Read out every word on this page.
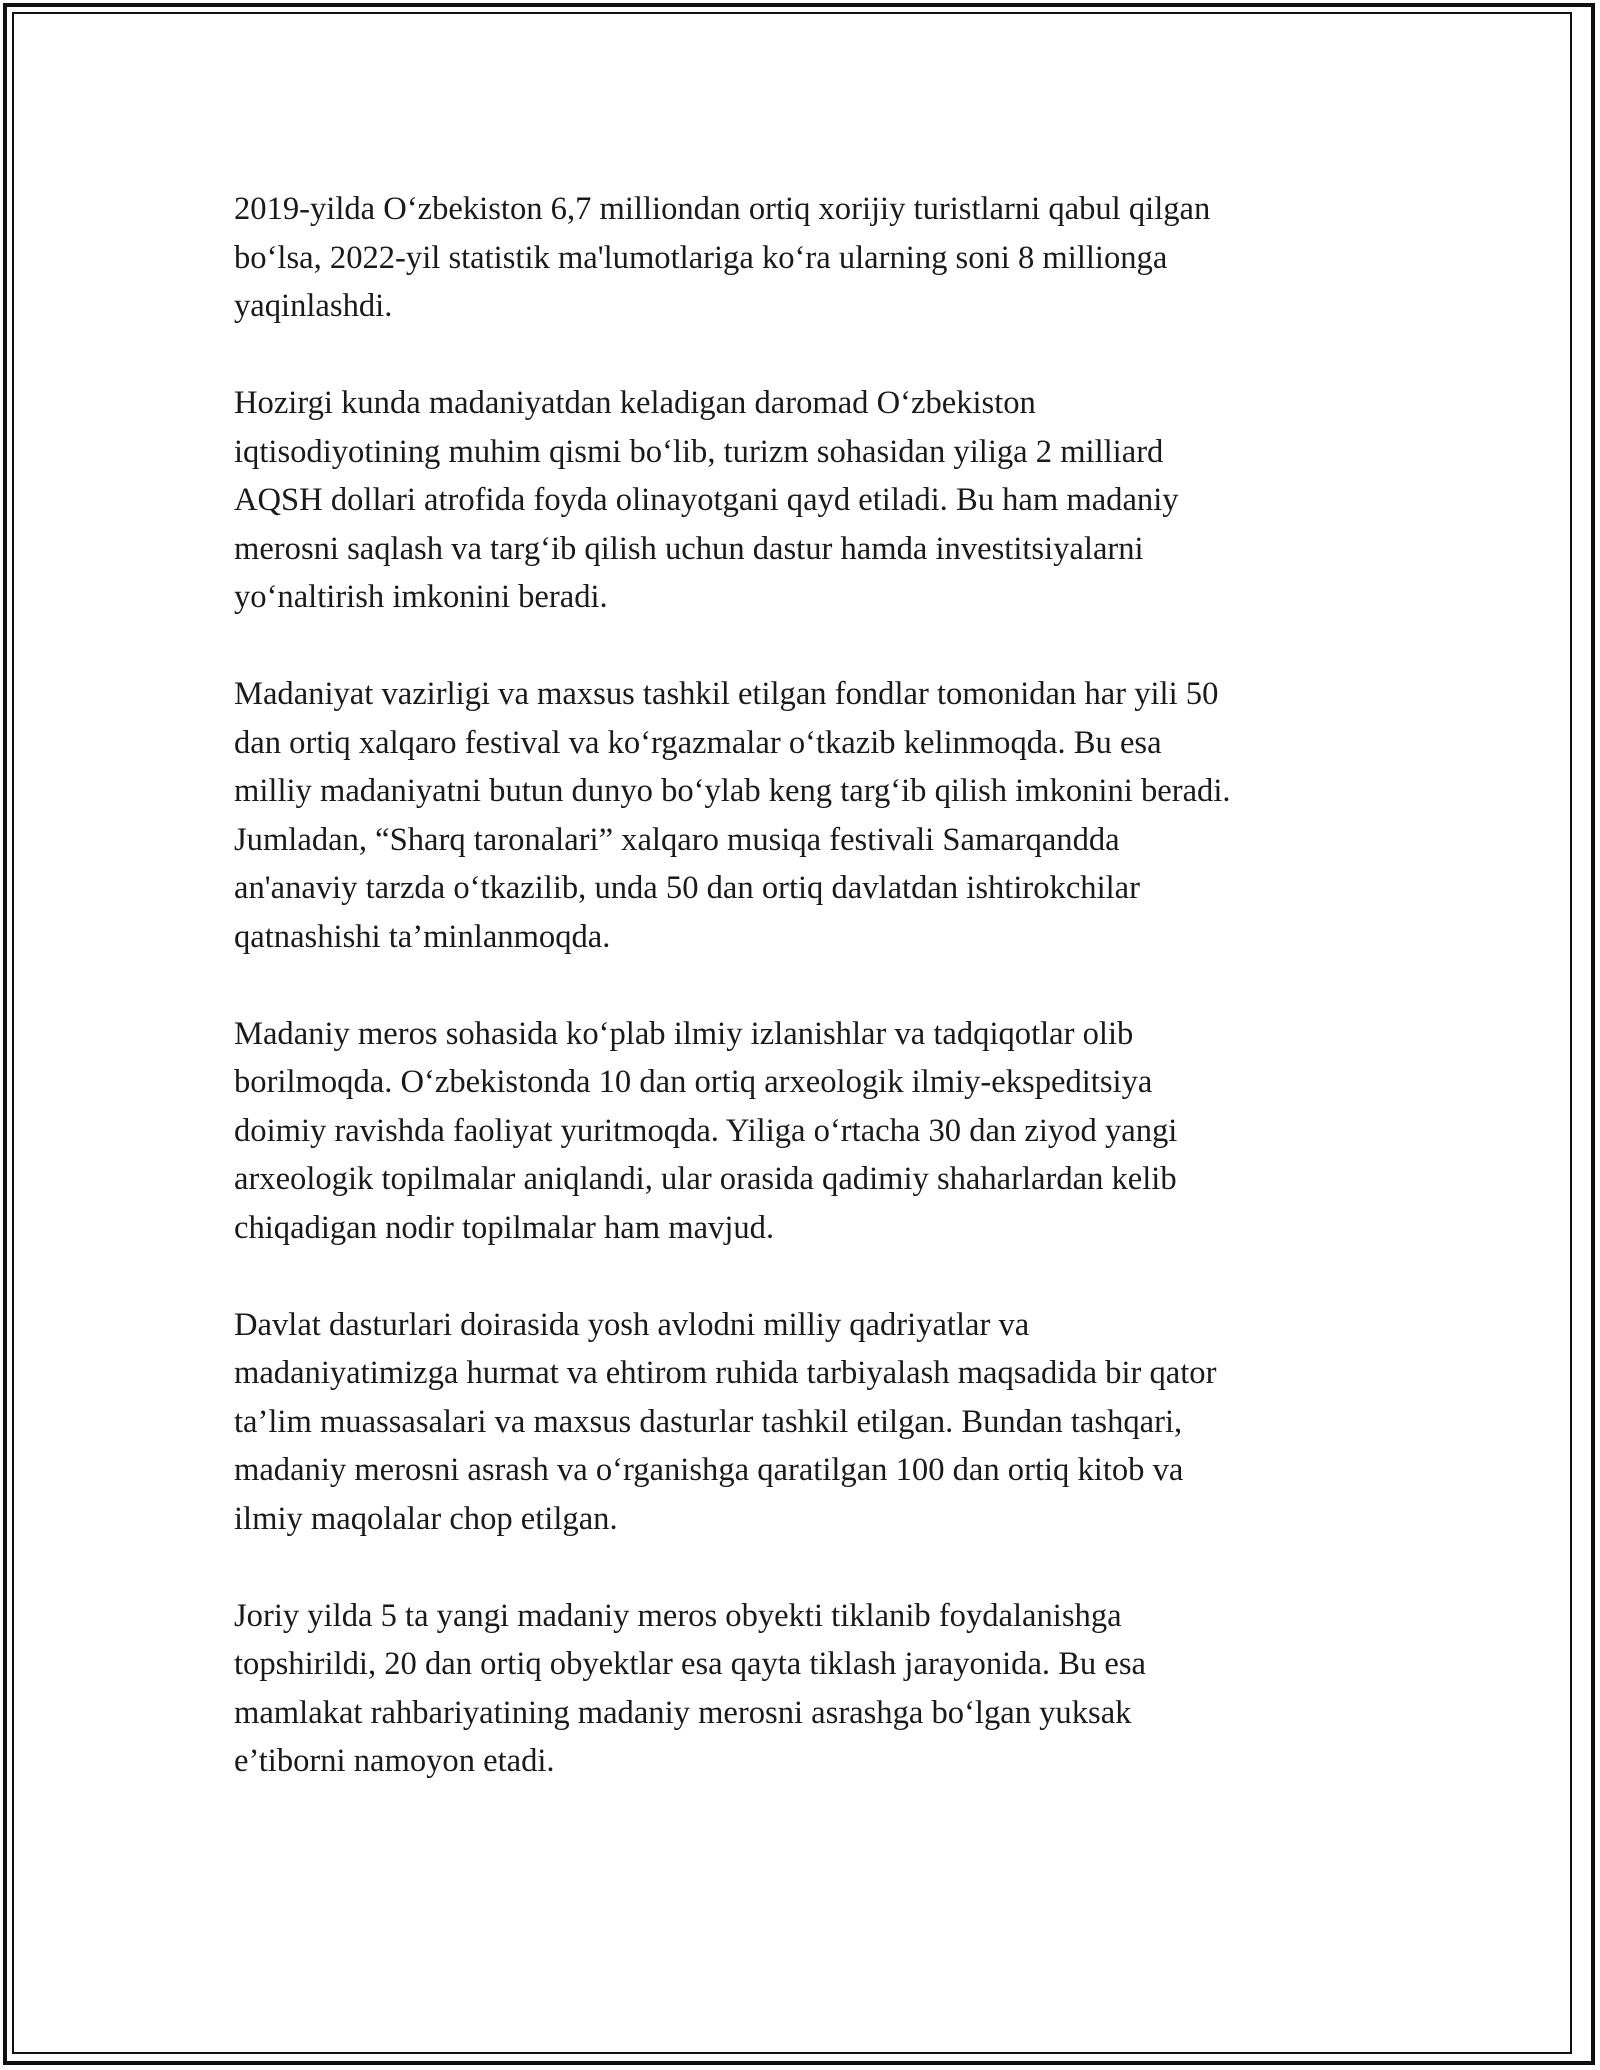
2019-yilda O‘zbekiston 6,7 milliondan ortiq xorijiy turistlarni qabul qilgan
bo‘lsa, 2022-yil statistik ma'lumotlariga ko‘ra ularning soni 8 millionga
yaqinlashdi.

Hozirgi kunda madaniyatdan keladigan daromad O‘zbekiston
iqtisodiyotining muhim qismi bo‘lib, turizm sohasidan yiliga 2 milliard
AQSH dollari atrofida foyda olinayotgani qayd etiladi. Bu ham madaniy
merosni saqlash va targ‘ib qilish uchun dastur hamda investitsiyalarni
yo‘naltirish imkonini beradi.

Madaniyat vazirligi va maxsus tashkil etilgan fondlar tomonidan har yili 50
dan ortiq xalqaro festival va ko‘rgazmalar o‘tkazib kelinmoqda. Bu esa
milliy madaniyatni butun dunyo bo‘ylab keng targ‘ib qilish imkonini beradi.
Jumladan, “Sharq taronalari” xalqaro musiqa festivali Samarqandda
an'anaviy tarzda o‘tkazilib, unda 50 dan ortiq davlatdan ishtirokchilar
qatnashishi ta’minlanmoqda.

Madaniy meros sohasida ko‘plab ilmiy izlanishlar va tadqiqotlar olib
borilmoqda. O‘zbekistonda 10 dan ortiq arxeologik ilmiy-ekspeditsiya
doimiy ravishda faoliyat yuritmoqda. Yiliga o‘rtacha 30 dan ziyod yangi
arxeologik topilmalar aniqlandi, ular orasida qadimiy shaharlardan kelib
chiqadigan nodir topilmalar ham mavjud.

Davlat dasturlari doirasida yosh avlodni milliy qadriyatlar va
madaniyatimizga hurmat va ehtirom ruhida tarbiyalash maqsadida bir qator
ta’lim muassasalari va maxsus dasturlar tashkil etilgan. Bundan tashqari,
madaniy merosni asrash va o‘rganishga qaratilgan 100 dan ortiq kitob va
ilmiy maqolalar chop etilgan.

Joriy yilda 5 ta yangi madaniy meros obyekti tiklanib foydalanishga
topshirildi, 20 dan ortiq obyektlar esa qayta tiklash jarayonida. Bu esa
mamlakat rahbariyatining madaniy merosni asrashga bo‘lgan yuksak
e’tiborni namoyon etadi.
